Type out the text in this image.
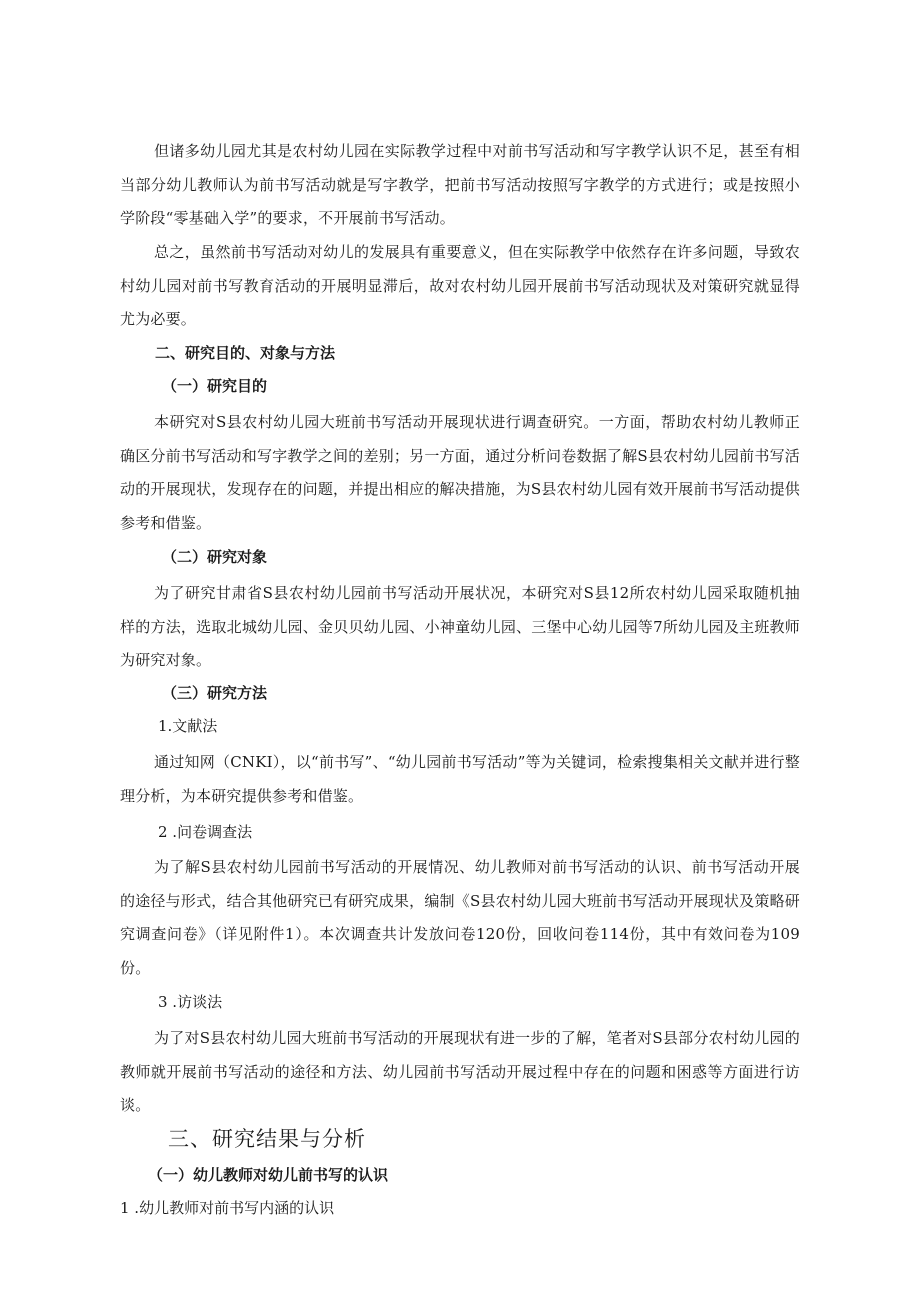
但诸多幼儿园尤其是农村幼儿园在实际教学过程中对前书写活动和写字教学认识不足，甚至有相当部分幼儿教师认为前书写活动就是写字教学，把前书写活动按照写字教学的方式进行；或是按照小学阶段“零基础入学”的要求，不开展前书写活动。

总之，虽然前书写活动对幼儿的发展具有重要意义，但在实际教学中依然存在许多问题，导致农村幼儿园对前书写教育活动的开展明显滞后，故对农村幼儿园开展前书写活动现状及对策研究就显得尤为必要。

二、研究目的、对象与方法
（一）研究目的

本研究对S县农村幼儿园大班前书写活动开展现状进行调查研究。一方面，帮助农村幼儿教师正确区分前书写活动和写字教学之间的差别；另一方面，通过分析问卷数据了解S县农村幼儿园前书写活动的开展现状，发现存在的问题，并提出相应的解决措施，为S县农村幼儿园有效开展前书写活动提供参考和借鉴。

（二）研究对象

为了研究甘肃省S县农村幼儿园前书写活动开展状况，本研究对S县12所农村幼儿园采取随机抽样的方法，选取北城幼儿园、金贝贝幼儿园、小神童幼儿园、三堡中心幼儿园等7所幼儿园及主班教师为研究对象。

（三）研究方法
1.文献法

通过知网（CNKI），以“前书写”、“幼儿园前书写活动”等为关键词，检索搜集相关文献并进行整理分析，为本研究提供参考和借鉴。

2 .问卷调查法

为了解S县农村幼儿园前书写活动的开展情况、幼儿教师对前书写活动的认识、前书写活动开展的途径与形式，结合其他研究已有研究成果，编制《S县农村幼儿园大班前书写活动开展现状及策略研究调查问卷》（详见附件1）。本次调查共计发放问卷120份，回收问卷114份，其中有效问卷为109份。

3 .访谈法

为了对S县农村幼儿园大班前书写活动的开展现状有进一步的了解，笔者对S县部分农村幼儿园的教师就开展前书写活动的途径和方法、幼儿园前书写活动开展过程中存在的问题和困惑等方面进行访谈。

三、研究结果与分析
（一）幼儿教师对幼儿前书写的认识
1 .幼儿教师对前书写内涵的认识
